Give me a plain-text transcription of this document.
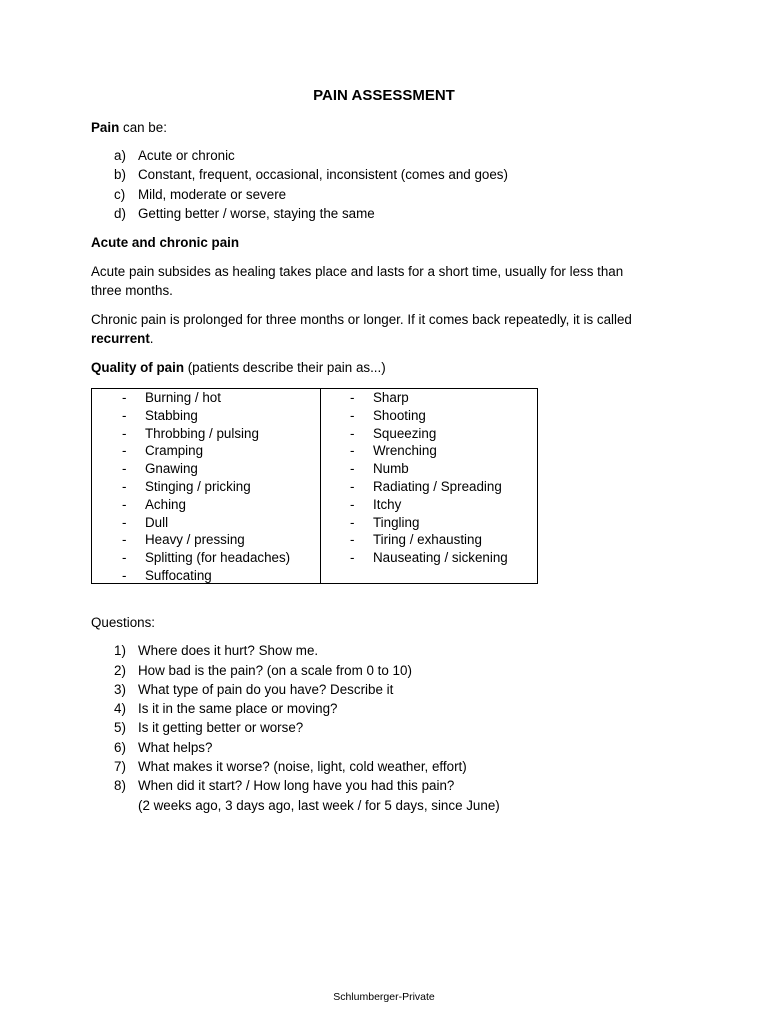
PAIN ASSESSMENT
Pain can be:
a) Acute or chronic
b) Constant, frequent, occasional, inconsistent (comes and goes)
c) Mild, moderate or severe
d) Getting better / worse, staying the same
Acute and chronic pain
Acute pain subsides as healing takes place and lasts for a short time, usually for less than
three months.
Chronic pain is prolonged for three months or longer. If it comes back repeatedly, it is called
recurrent.
Quality of pain (patients describe their pain as...)
- Burning / hot
- Stabbing
- Throbbing / pulsing
- Cramping
- Gnawing
- Stinging / pricking
- Aching
- Dull
- Heavy / pressing
- Splitting (for headaches)
- Suffocating
- Sharp
- Shooting
- Squeezing
- Wrenching
- Numb
- Radiating / Spreading
- Itchy
- Tingling
- Tiring / exhausting
- Nauseating / sickening
Questions:
1) Where does it hurt? Show me.
2) How bad is the pain? (on a scale from 0 to 10)
3) What type of pain do you have? Describe it
4) Is it in the same place or moving?
5) Is it getting better or worse?
6) What helps?
7) What makes it worse? (noise, light, cold weather, effort)
8) When did it start? / How long have you had this pain?
(2 weeks ago, 3 days ago, last week / for 5 days, since June)
Schlumberger-Private
